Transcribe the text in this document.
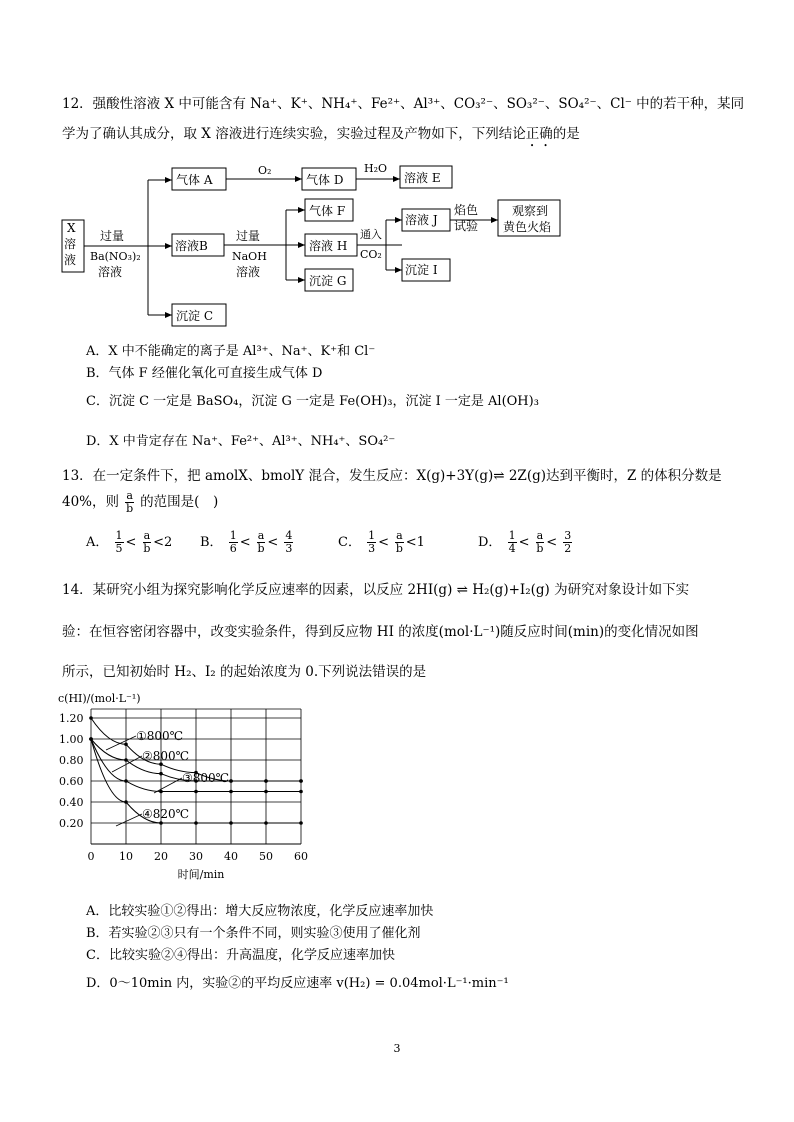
12．强酸性溶液 X 中可能含有 Na⁺、K⁺、NH₄⁺、Fe²⁺、Al³⁺、CO₃²⁻、SO₃²⁻、SO₄²⁻、Cl⁻ 中的若干种，某同
学为了确认其成分，取 X 溶液进行连续实验，实验过程及产物如下，下列结论正确的是
X
溶
液
过量
Ba(NO₃)₂
溶液
气体 A
O₂
气体 D
H₂O
溶液 E
溶液B
过量
NaOH
溶液
气体 F
溶液 H
沉淀 G
通入
CO₂
溶液 J
焰色
试验
观察到
黄色火焰
沉淀 I
沉淀 C
A．X 中不能确定的离子是 Al³⁺、Na⁺、K⁺和 Cl⁻
B．气体 F 经催化氧化可直接生成气体 D
C．沉淀 C 一定是 BaSO₄，沉淀 G 一定是 Fe(OH)₃，沉淀 I 一定是 Al(OH)₃
D．X 中肯定存在 Na⁺、Fe²⁺、Al³⁺、NH₄⁺、SO₄²⁻
13．在一定条件下，把 amolX、bmolY 混合，发生反应：X(g)+3Y(g)⇌ 2Z(g)达到平衡时，Z 的体积分数是
40%，则 $\frac{a}{b}$ 的范围是(　)
A． $\frac{1}{5} < \frac{a}{b} <2$ B． $\frac{1}{6} < \frac{a}{b} < \frac{4}{3}$	C． $\frac{1}{3} < \frac{a}{b} <1$	D． $\frac{1}{4} < \frac{a}{b} < \frac{3}{2}$
14．某研究小组为探究影响化学反应速率的因素，以反应 2HI(g) ⇌ H₂(g)+I₂(g) 为研究对象设计如下实
验：在恒容密闭容器中，改变实验条件，得到反应物 HI 的浓度(mol·L⁻¹)随反应时间(min)的变化情况如图
所示，已知初始时 H₂、I₂ 的起始浓度为 0.下列说法错误的是
c(HI)/(mol·L⁻¹)
1.20
1.00
0.80
0.60
0.40
0.20
0 10 20 30 40 50 60
时间/min
①800℃
②800℃
③800℃
④820℃
A．比较实验①②得出：增大反应物浓度，化学反应速率加快
B．若实验②③只有一个条件不同，则实验③使用了催化剂
C．比较实验②④得出：升高温度，化学反应速率加快
D．0～10min 内，实验②的平均反应速率 v(H₂) = 0.04mol·L⁻¹·min⁻¹
3
